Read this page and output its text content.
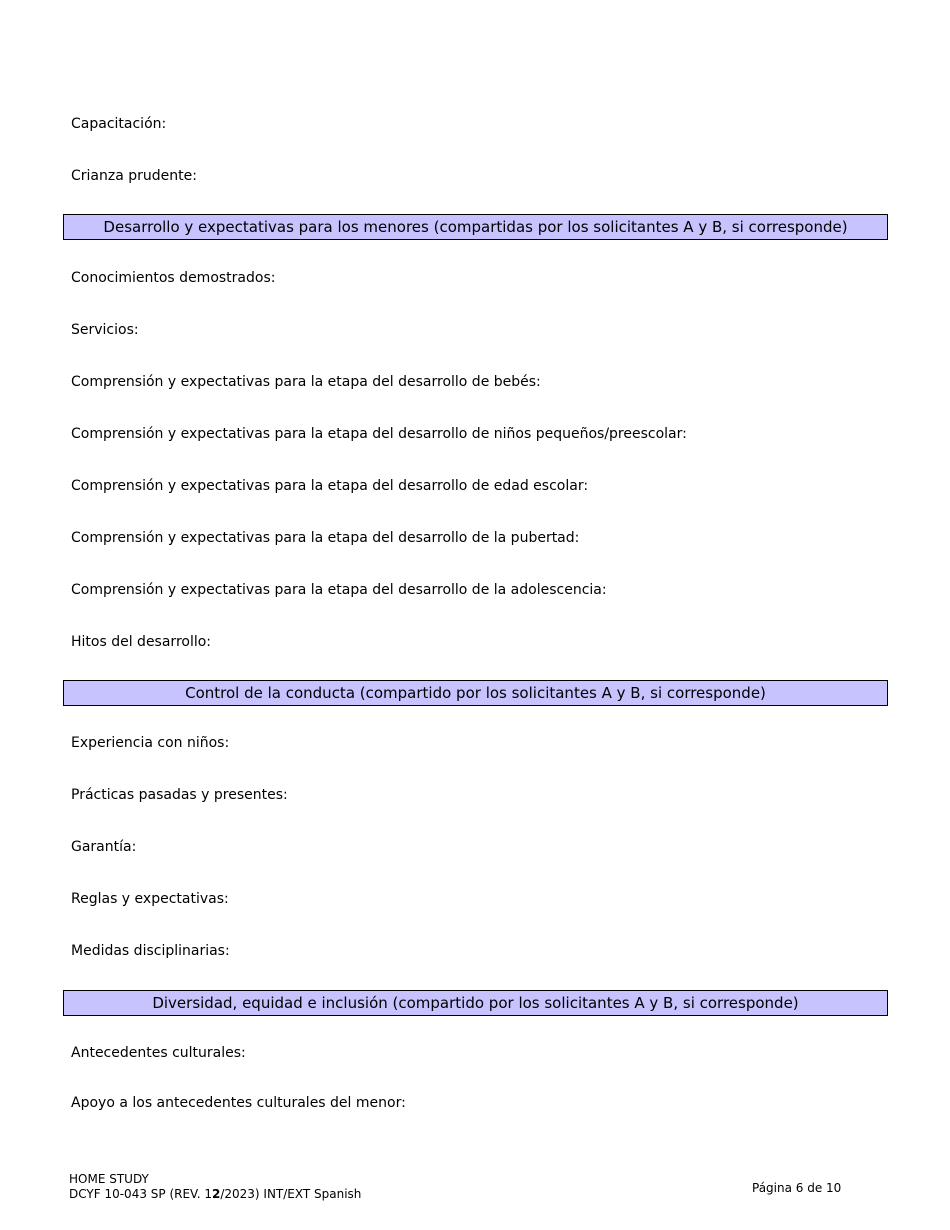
Capacitación:
Crianza prudente:
Desarrollo y expectativas para los menores (compartidas por los solicitantes A y B, si corresponde)
Conocimientos demostrados:
Servicios:
Comprensión y expectativas para la etapa del desarrollo de bebés:
Comprensión y expectativas para la etapa del desarrollo de niños pequeños/preescolar:
Comprensión y expectativas para la etapa del desarrollo de edad escolar:
Comprensión y expectativas para la etapa del desarrollo de la pubertad:
Comprensión y expectativas para la etapa del desarrollo de la adolescencia:
Hitos del desarrollo:
Control de la conducta (compartido por los solicitantes A y B, si corresponde)
Experiencia con niños:
Prácticas pasadas y presentes:
Garantía:
Reglas y expectativas:
Medidas disciplinarias:
Diversidad, equidad e inclusión (compartido por los solicitantes A y B, si corresponde)
Antecedentes culturales:
Apoyo a los antecedentes culturales del menor:
HOME STUDY
DCYF 10-043 SP (REV. 12/2023) INT/EXT Spanish	Página 6 de 10
